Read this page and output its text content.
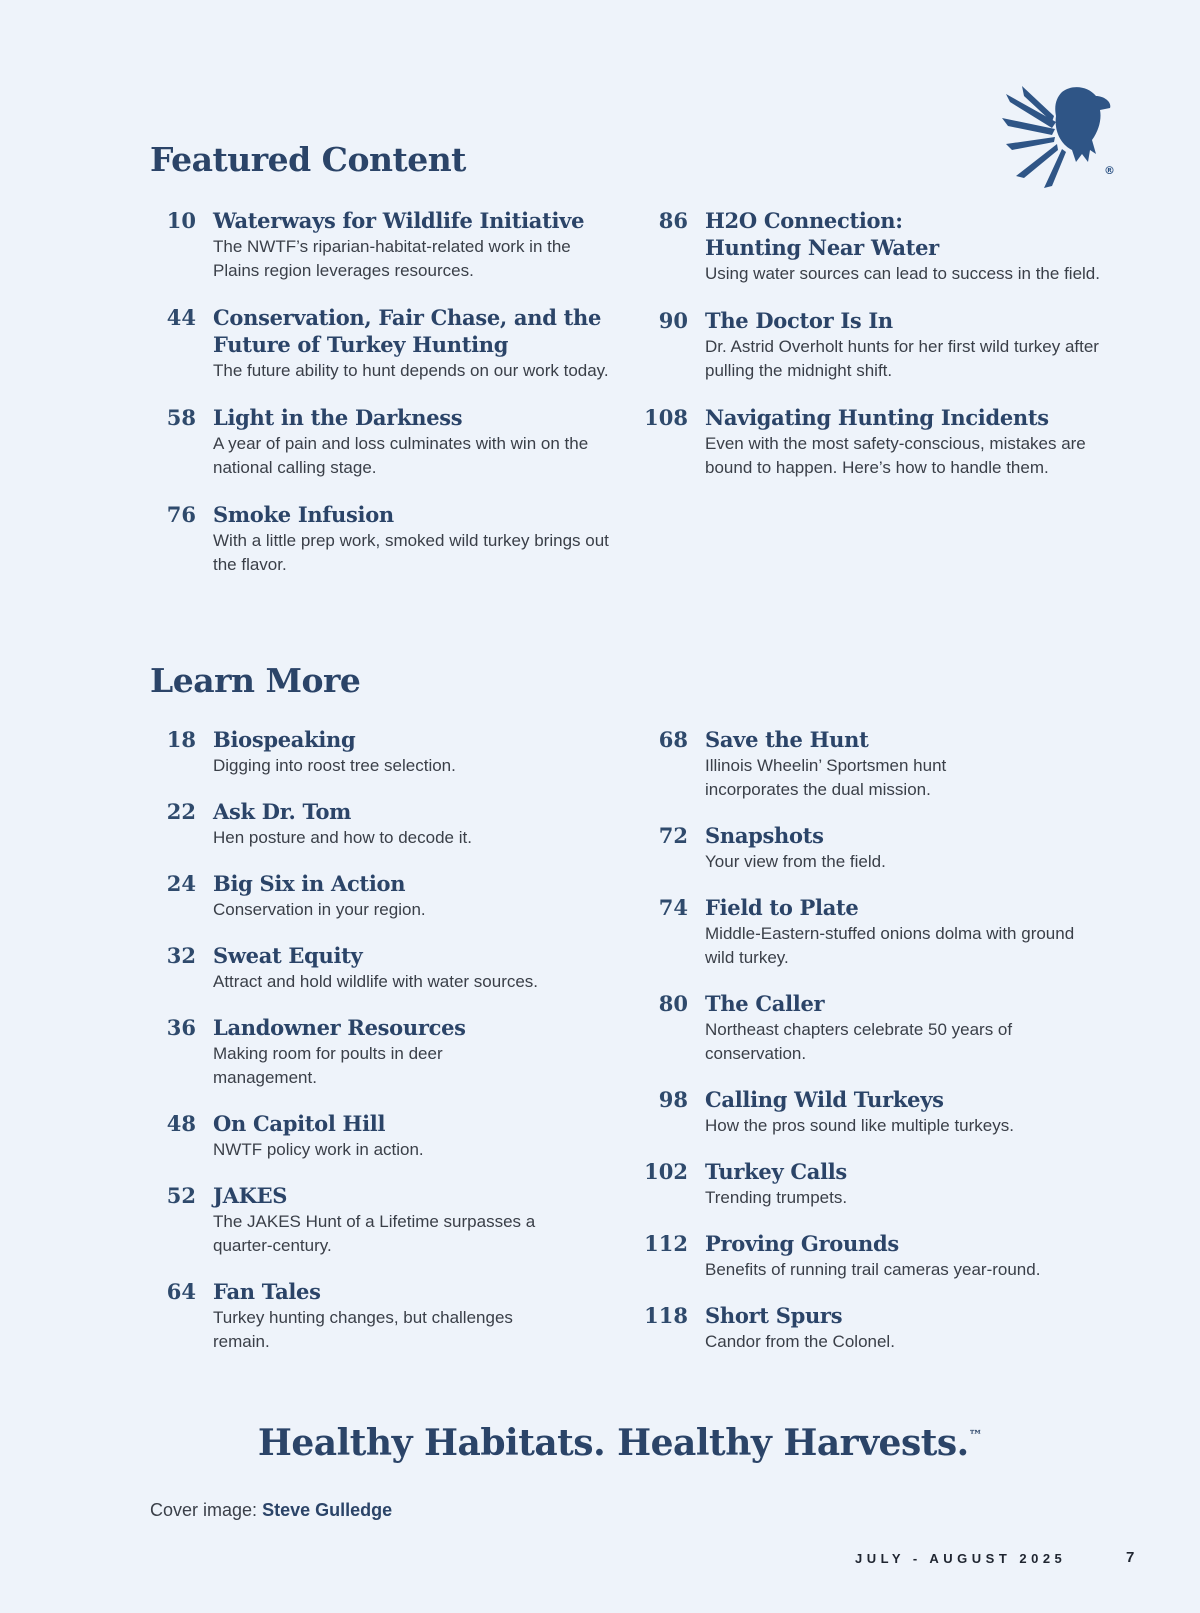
®
Featured Content
10 Waterways for Wildlife Initiative
The NWTF’s riparian-habitat-related work in the Plains region leverages resources.
44 Conservation, Fair Chase, and the Future of Turkey Hunting
The future ability to hunt depends on our work today.
58 Light in the Darkness
A year of pain and loss culminates with win on the national calling stage.
76 Smoke Infusion
With a little prep work, smoked wild turkey brings out the flavor.
86 H2O Connection: Hunting Near Water
Using water sources can lead to success in the field.
90 The Doctor Is In
Dr. Astrid Overholt hunts for her first wild turkey after pulling the midnight shift.
108 Navigating Hunting Incidents
Even with the most safety-conscious, mistakes are bound to happen. Here’s how to handle them.
Learn More
18 Biospeaking
Digging into roost tree selection.
22 Ask Dr. Tom
Hen posture and how to decode it.
24 Big Six in Action
Conservation in your region.
32 Sweat Equity
Attract and hold wildlife with water sources.
36 Landowner Resources
Making room for poults in deer management.
48 On Capitol Hill
NWTF policy work in action.
52 JAKES
The JAKES Hunt of a Lifetime surpasses a quarter-century.
64 Fan Tales
Turkey hunting changes, but challenges remain.
68 Save the Hunt
Illinois Wheelin’ Sportsmen hunt incorporates the dual mission.
72 Snapshots
Your view from the field.
74 Field to Plate
Middle-Eastern-stuffed onions dolma with ground wild turkey.
80 The Caller
Northeast chapters celebrate 50 years of conservation.
98 Calling Wild Turkeys
How the pros sound like multiple turkeys.
102 Turkey Calls
Trending trumpets.
112 Proving Grounds
Benefits of running trail cameras year-round.
118 Short Spurs
Candor from the Colonel.
Healthy Habitats. Healthy Harvests.™
Cover image: Steve Gulledge
JULY - AUGUST 2025	7
